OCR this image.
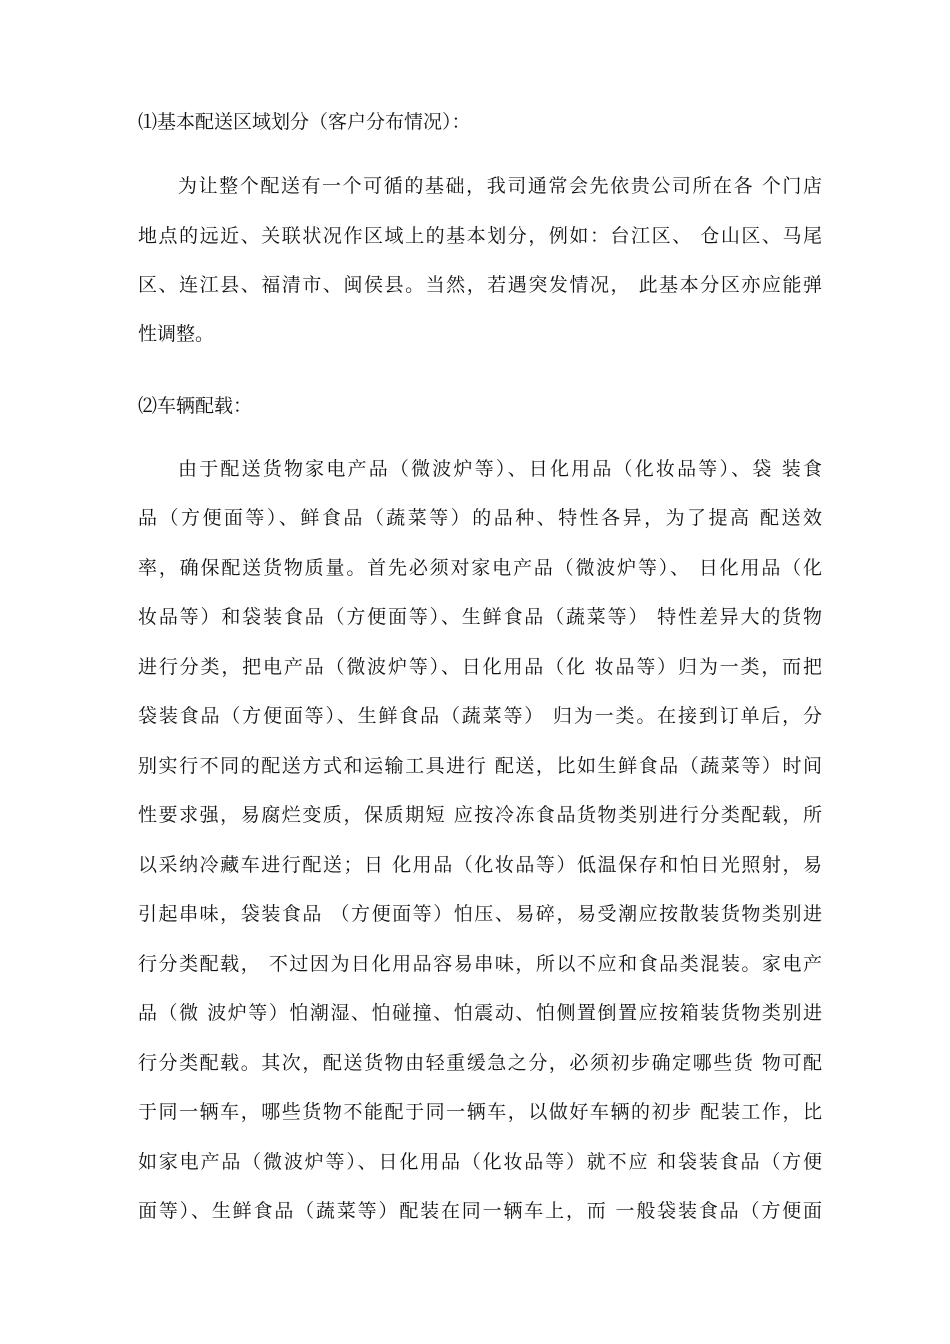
⑴基本配送区域划分（客户分布情况）：
为让整个配送有一个可循的基础，我司通常会先依贵公司所在各 个门店
地点的远近、关联状况作区域上的基本划分，例如：台江区、 仓山区、马尾
区、连江县、福清市、闽侯县。当然，若遇突发情况， 此基本分区亦应能弹
性调整。
⑵车辆配载：
由于配送货物家电产品（微波炉等）、日化用品（化妆品等）、袋 装食
品（方便面等）、鲜食品（蔬菜等）的品种、特性各异，为了提高 配送效
率，确保配送货物质量。首先必须对家电产品（微波炉等）、 日化用品（化
妆品等）和袋装食品（方便面等）、生鲜食品（蔬菜等） 特性差异大的货物
进行分类，把电产品（微波炉等）、日化用品（化 妆品等）归为一类，而把
袋装食品（方便面等）、生鲜食品（蔬菜等） 归为一类。在接到订单后，分
别实行不同的配送方式和运输工具进行 配送，比如生鲜食品（蔬菜等）时间
性要求强，易腐烂变质，保质期短 应按冷冻食品货物类别进行分类配载，所
以采纳冷藏车进行配送；日 化用品（化妆品等）低温保存和怕日光照射，易
引起串味，袋装食品 （方便面等）怕压、易碎，易受潮应按散装货物类别进
行分类配载， 不过因为日化用品容易串味，所以不应和食品类混装。家电产
品（微 波炉等）怕潮湿、怕碰撞、怕震动、怕侧置倒置应按箱装货物类别进
行分类配载。其次，配送货物由轻重缓急之分，必须初步确定哪些货 物可配
于同一辆车，哪些货物不能配于同一辆车，以做好车辆的初步 配装工作，比
如家电产品（微波炉等）、日化用品（化妆品等）就不应 和袋装食品（方便
面等）、生鲜食品（蔬菜等）配装在同一辆车上，而 一般袋装食品（方便面
